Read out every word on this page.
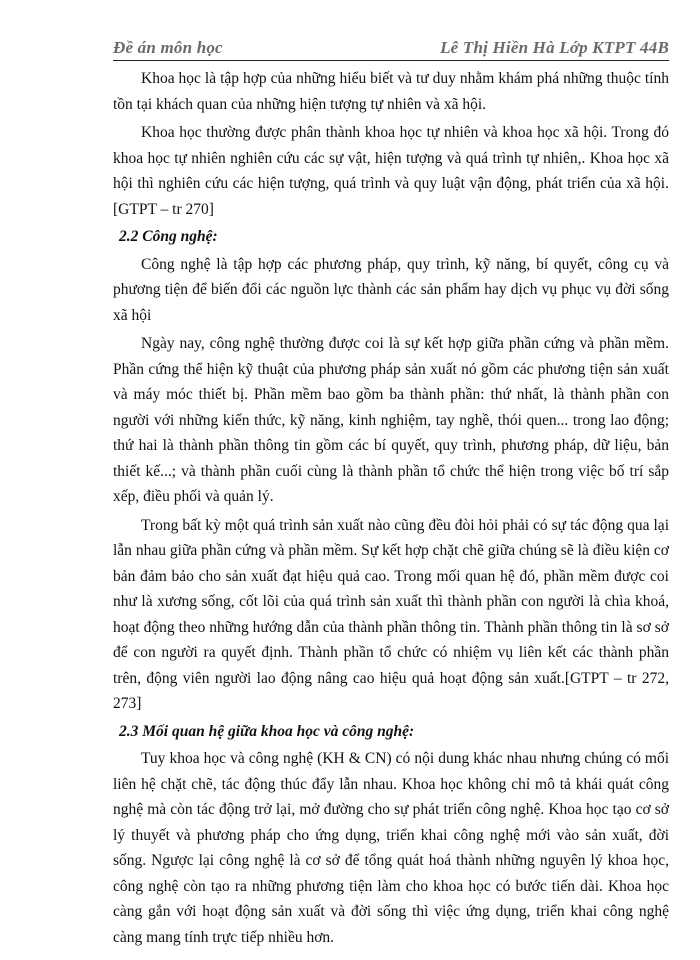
Đề án môn học	Lê Thị Hiền Hà Lớp KTPT 44B

Khoa học là tập hợp của những hiểu biết và tư duy nhằm khám phá những thuộc tính tồn tại khách quan của những hiện tượng tự nhiên và xã hội.

Khoa học thường được phân thành khoa học tự nhiên và khoa học xã hội. Trong đó khoa học tự nhiên nghiên cứu các sự vật, hiện tượng và quá trình tự nhiên,. Khoa học xã hội thì nghiên cứu các hiện tượng, quá trình và quy luật vận động, phát triển của xã hội.[GTPT – tr 270]

2.2 Công nghệ:

Công nghệ là tập hợp các phương pháp, quy trình, kỹ năng, bí quyết, công cụ và phương tiện để biến đổi các nguồn lực thành các sản phẩm hay dịch vụ phục vụ đời sống xã hội

Ngày nay, công nghệ thường được coi là sự kết hợp giữa phần cứng và phần mềm. Phần cứng thể hiện kỹ thuật của phương pháp sản xuất nó gồm các phương tiện sản xuất và máy móc thiết bị. Phần mềm bao gồm ba thành phần: thứ nhất, là thành phần con người với những kiến thức, kỹ năng, kinh nghiệm, tay nghề, thói quen... trong lao động; thứ hai là thành phần thông tin gồm các bí quyết, quy trình, phương pháp, dữ liệu, bản thiết kế...; và thành phần cuối cùng là thành phần tổ chức thể hiện trong việc bố trí sắp xếp, điều phối và quản lý.

Trong bất kỳ một quá trình sản xuất nào cũng đều đòi hỏi phải có sự tác động qua lại lẫn nhau giữa phần cứng và phần mềm. Sự kết hợp chặt chẽ giữa chúng sẽ là điều kiện cơ bản đảm bảo cho sản xuất đạt hiệu quả cao. Trong mối quan hệ đó, phần mềm được coi như là xương sống, cốt lõi của quá trình sản xuất thì thành phần con người là chìa khoá, hoạt động theo những hướng dẫn của thành phần thông tin. Thành phần thông tin là sơ sở để con người ra quyết định. Thành phần tổ chức có nhiệm vụ liên kết các thành phần trên, động viên người lao động nâng cao hiệu quả hoạt động sản xuất.[GTPT – tr 272, 273]

2.3 Mối quan hệ giữa khoa học và công nghệ:

Tuy khoa học và công nghệ (KH & CN) có nội dung khác nhau nhưng chúng có mối liên hệ chặt chẽ, tác động thúc đẩy lẫn nhau. Khoa học không chỉ mô tả khái quát công nghệ mà còn tác động trở lại, mở đường cho sự phát triển công nghệ. Khoa học tạo cơ sở lý thuyết và phương pháp cho ứng dụng, triển khai công nghệ mới vào sản xuất, đời sống. Ngược lại công nghệ là cơ sở để tổng quát hoá thành những nguyên lý khoa học, công nghệ còn tạo ra những phương tiện làm cho khoa học có bước tiến dài. Khoa học càng gắn với hoạt động sản xuất và đời sống thì việc ứng dụng, triển khai công nghệ càng mang tính trực tiếp nhiều hơn.
